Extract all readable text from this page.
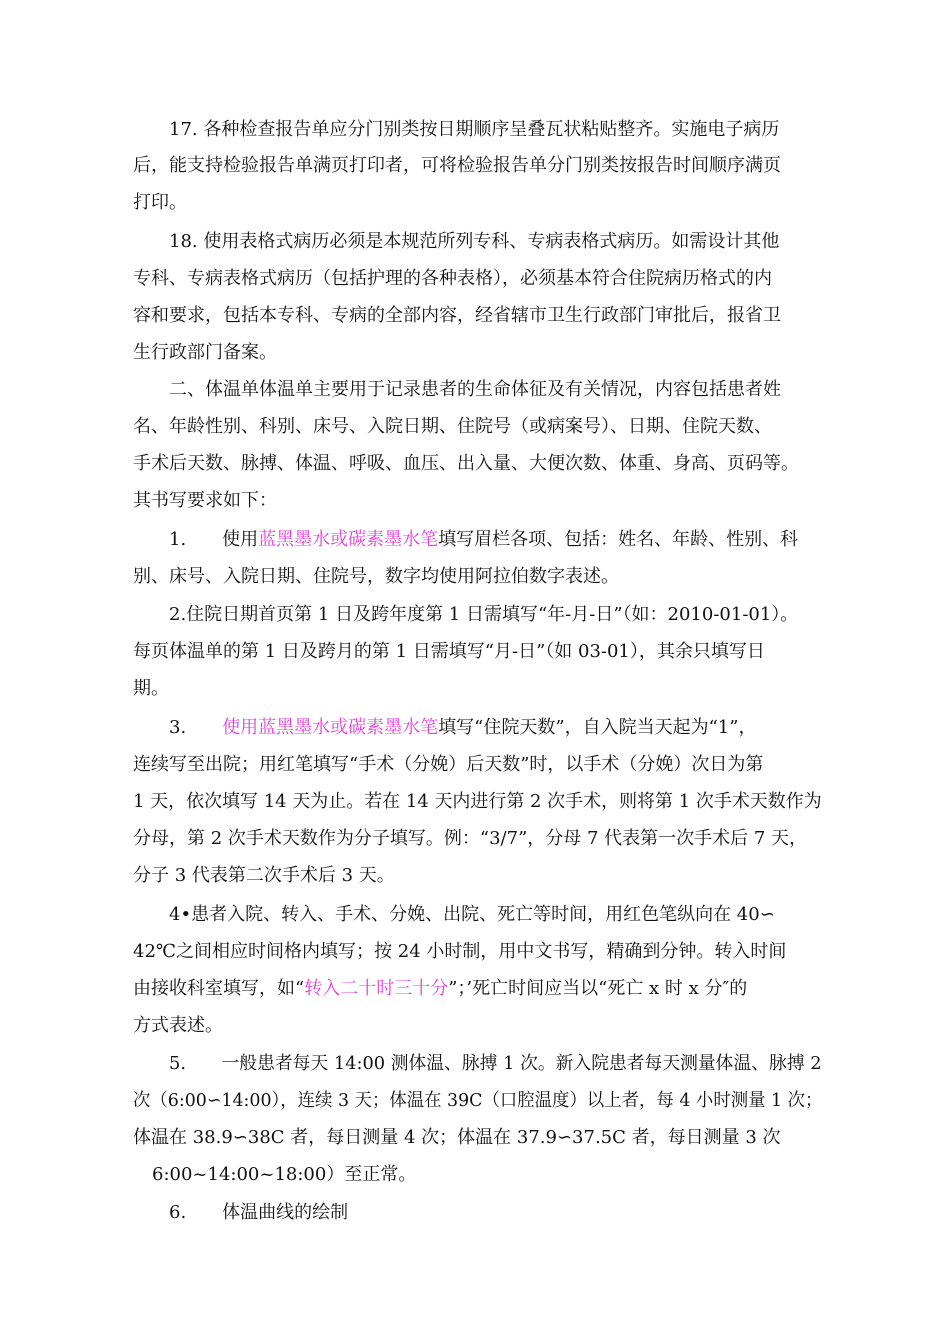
17. 各种检查报告单应分门别类按日期顺序呈叠瓦状粘贴整齐。实施电子病历
后，能支持检验报告单满页打印者，可将检验报告单分门别类按报告时间顺序满页
打印。
18. 使用表格式病历必须是本规范所列专科、专病表格式病历。如需设计其他
专科、专病表格式病历（包括护理的各种表格），必须基本符合住院病历格式的内
容和要求，包括本专科、专病的全部内容，经省辖市卫生行政部门审批后，报省卫
生行政部门备案。
二、体温单体温单主要用于记录患者的生命体征及有关情况，内容包括患者姓
名、年龄性别、科别、床号、入院日期、住院号（或病案号）、日期、住院天数、
手术后天数、脉搏、体温、呼吸、血压、出入量、大便次数、体重、身高、页码等。
其书写要求如下：
1.　　使用蓝黑墨水或碳素墨水笔填写眉栏各项、包括：姓名、年龄、性别、科
别、床号、入院日期、住院号，数字均使用阿拉伯数字表述。
2.住院日期首页第 1 日及跨年度第 1 日需填写“年-月-日”（如：2010-01-01）。
每页体温单的第 1 日及跨月的第 1 日需填写“月-日”（如 03-01），其余只填写日
期。
3.　　使用蓝黑墨水或碳素墨水笔填写“住院天数”，自入院当天起为“1”，
连续写至出院；用红笔填写“手术（分娩）后天数”时，以手术（分娩）次日为第
1 天，依次填写 14 天为止。若在 14 天内进行第 2 次手术，则将第 1 次手术天数作为
分母，第 2 次手术天数作为分子填写。例：“3/7”，分母 7 代表第一次手术后 7 天，
分子 3 代表第二次手术后 3 天。
4•患者入院、转入、手术、分娩、出院、死亡等时间，用红色笔纵向在 40∽
42℃之间相应时间格内填写；按 24 小时制，用中文书写，精确到分钟。转入时间
由接收科室填写，如“转入二十时三十分”；’死亡时间应当以“死亡 x 时 x 分″的
方式表述。
5.　　一般患者每天 14:00 测体温、脉搏 1 次。新入院患者每天测量体温、脉搏 2
次（6:00∽14:00），连续 3 天；体温在 39C（口腔温度）以上者，每 4 小时测量 1 次；
体温在 38.9∽38C 者，每日测量 4 次；体温在 37.9∽37.5C 者，每日测量 3 次
6:00~14:00~18:00）至正常。
6.　　体温曲线的绘制
